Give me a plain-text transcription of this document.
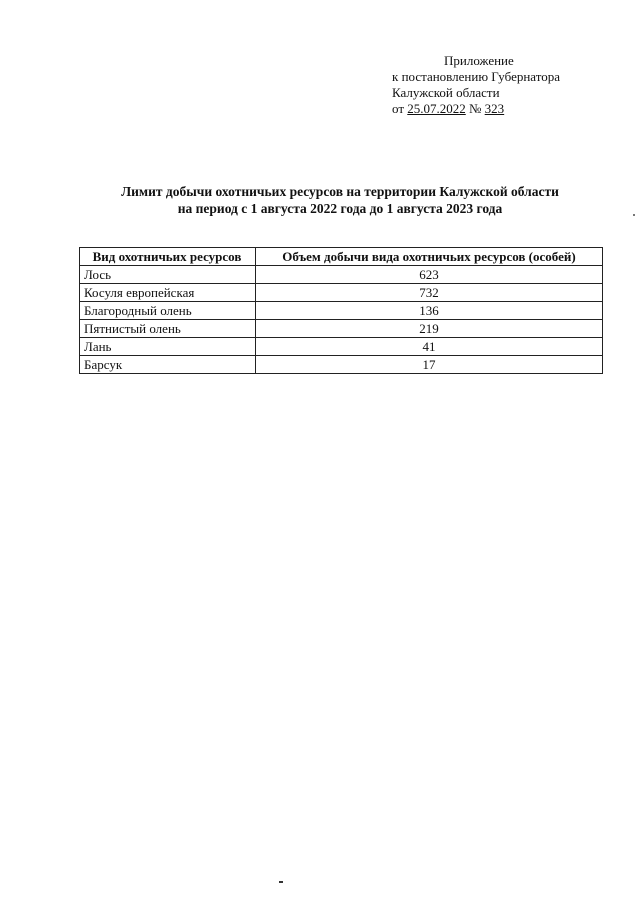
Приложение
к постановлению Губернатора
Калужской области
от 25.07.2022 № 323
Лимит добычи охотничьих ресурсов на территории Калужской области
на период с 1 августа 2022 года до 1 августа 2023 года
Вид охотничьих ресурсов	Объем добычи вида охотничьих ресурсов (особей)
Лось	623
Косуля европейская	732
Благородный олень	136
Пятнистый олень	219
Лань	41
Барсук	17
